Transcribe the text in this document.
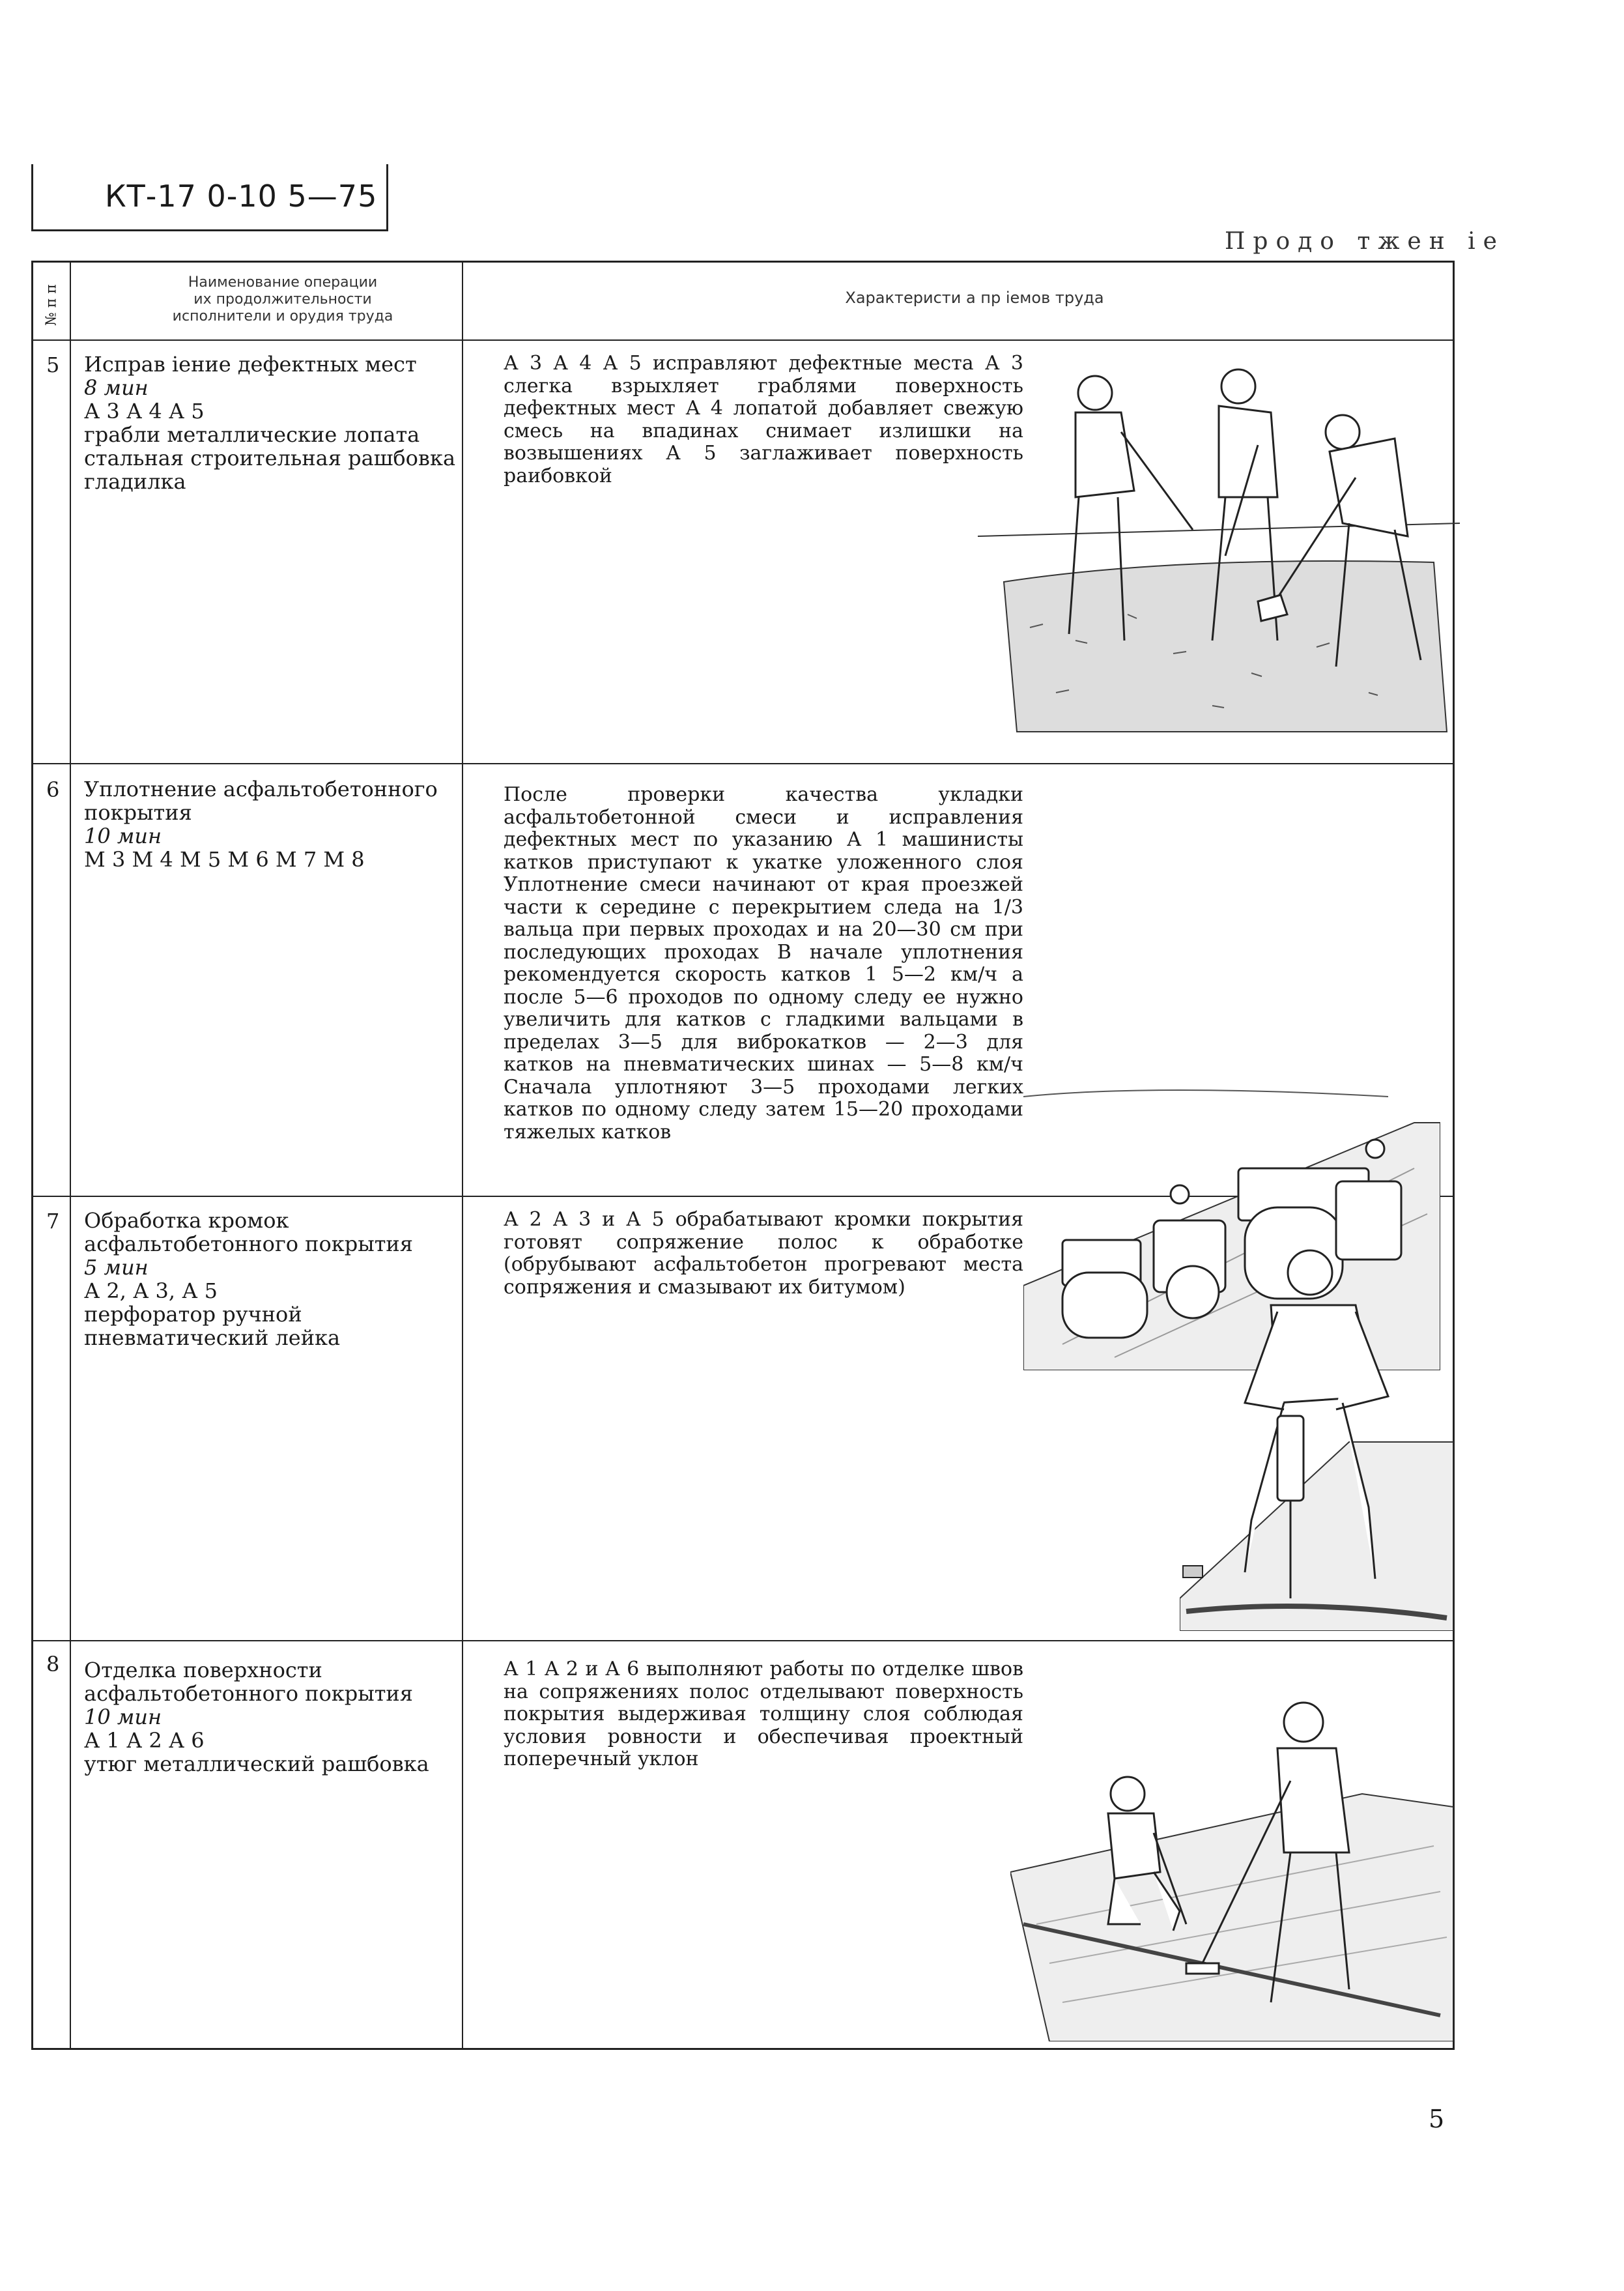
КТ-17 0-10 5—75
Продо тжен ie
№ п п
Наименование операции
их продолжительности
исполнители и орудия труда
Характеристи а пр iемов труда
5 Исправ iение дефектных мест
8 мин
А 3 А 4 А 5
грабли металлические лопата стальная строительная рашбовка гладилка
А 3 А 4 А 5 исправляют дефектные места А 3 слегка взрыхляет граблями поверхность дефектных мест А 4 лопатой добавляет свежую смесь на впадинах снимает излишки на возвышениях А 5 заглаживает поверхность раибовкой
6 Уплотнение асфальтобетонного покрытия
10 мин
М 3 М 4 М 5 М 6 М 7 М 8
После проверки качества укладки асфальтобетонной смеси и исправления дефектных мест по указанию А 1 машинисты катков приступают к укатке уложенного слоя Уплотнение смеси начинают от края проезжей части к середине с перекрытием следа на 1/3 вальца при первых проходах и на 20—30 см при последующих проходах В начале уплотнения рекомендуется скорость катков 1 5—2 км/ч а после 5—6 проходов по одному следу ее нужно увеличить для катков с гладкими вальцами в пределах 3—5 для виброкатков — 2—3 для катков на пневматических шинах — 5—8 км/ч Сначала уплотняют 3—5 проходами легких катков по одному следу затем 15—20 проходами тяжелых катков
7 Обработка кромок асфальтобетонного покрытия
5 мин
А 2, А 3, А 5
перфоратор ручной пневматический лейка
А 2 А 3 и А 5 обрабатывают кромки покрытия готовят сопряжение полос к обработке (обрубывают асфальтобетон прогревают места сопряжения и смазывают их битумом)
8 Отделка поверхности асфальтобетонного покрытия
10 мин
А 1 А 2 А 6
утюг металлический рашбовка
А 1 А 2 и А 6 выполняют работы по отделке швов на сопряжениях полос отделывают поверхность покрытия выдерживая толщину слоя соблюдая условия ровности и обеспечивая проектный поперечный уклон
5
